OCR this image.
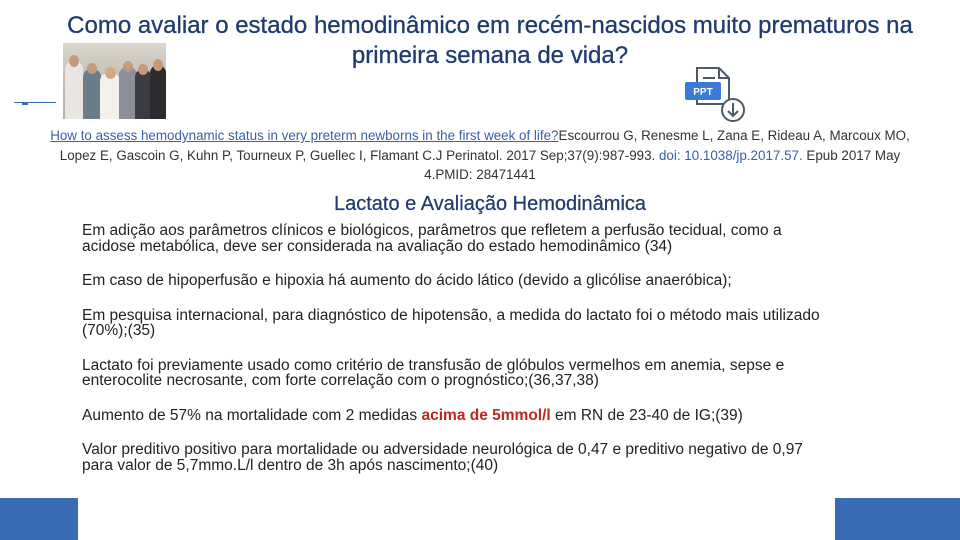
Como avaliar o estado hemodinâmico em recém-nascidos muito prematuros na primeira semana de vida?
PPT
How to assess hemodynamic status in very preterm newborns in the first week of life?Escourrou G, Renesme L, Zana E, Rideau A, Marcoux MO, Lopez E, Gascoin G, Kuhn P, Tourneux P, Guellec I, Flamant C.J Perinatol. 2017 Sep;37(9):987-993. doi: 10.1038/jp.2017.57. Epub 2017 May 4.PMID: 28471441
Lactato e Avaliação Hemodinâmica
Em adição aos parâmetros clínicos e biológicos, parâmetros que refletem a perfusão tecidual, como a acidose metabólica, deve ser considerada na avaliação do estado hemodinâmico (34)
Em caso de hipoperfusão e hipoxia há aumento do ácido lático (devido a glicólise anaeróbica);
Em pesquisa internacional, para diagnóstico de hipotensão, a medida do lactato foi o método mais utilizado (70%);(35)
Lactato foi previamente usado como critério de transfusão de glóbulos vermelhos em anemia, sepse e enterocolite necrosante, com forte correlação com o prognóstico;(36,37,38)
Aumento de 57% na mortalidade com 2 medidas acima de 5mmol/l em RN de 23-40 de IG;(39)
Valor preditivo positivo para mortalidade ou adversidade neurológica de 0,47 e preditivo negativo de 0,97 para valor de 5,7mmo.L/l dentro de 3h após nascimento;(40)
